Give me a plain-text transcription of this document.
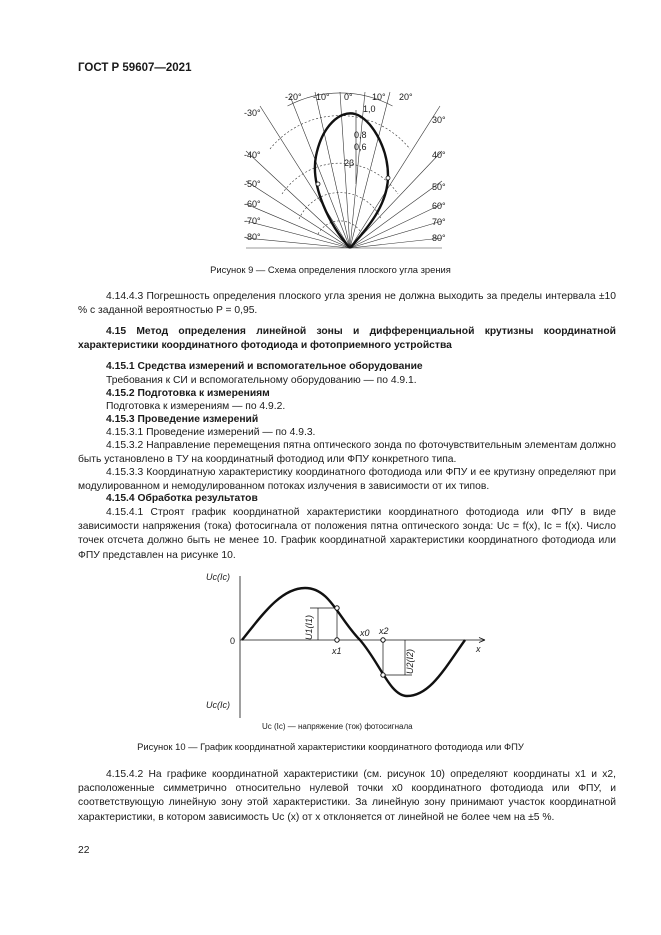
ГОСТ Р 59607—2021
-20° -10° 0° 10° 20°
-30°
-40°
-50°
-60°
-70°
-80°
30°
40°
50°
60°
70°
80°
1,0
0,8
0,6
2β
Рисунок 9 — Схема определения плоского угла зрения
4.14.4.3 Погрешность определения плоского угла зрения не должна выходить за пределы интервала ±10 % с заданной вероятностью P = 0,95.
4.15 Метод определения линейной зоны и дифференциальной крутизны координатной характеристики координатного фотодиода и фотоприемного устройства
4.15.1 Средства измерений и вспомогательное оборудование
Требования к СИ и вспомогательному оборудованию — по 4.9.1.
4.15.2 Подготовка к измерениям
Подготовка к измерениям — по 4.9.2.
4.15.3 Проведение измерений
4.15.3.1 Проведение измерений — по 4.9.3.
4.15.3.2 Направление перемещения пятна оптического зонда по фоточувствительным элементам должно быть установлено в ТУ на координатный фотодиод или ФПУ конкретного типа.
4.15.3.3 Координатную характеристику координатного фотодиода или ФПУ и ее крутизну определяют при модулированном и немодулированном потоках излучения в зависимости от их типов.
4.15.4 Обработка результатов
4.15.4.1 Строят график координатной характеристики координатного фотодиода или ФПУ в виде зависимости напряжения (тока) фотосигнала от положения пятна оптического зонда: Uc = f(x), Ic = f(x). Число точек отсчета должно быть не менее 10. График координатной характеристики координатного фотодиода или ФПУ представлен на рисунке 10.
Uс(Iс)
Uс(Iс)
0
x
x0
x1
x2
U1(I1)
U2(I2)
Uс (Iс) — напряжение (ток) фотосигнала
Рисунок 10 — График координатной характеристики координатного фотодиода или ФПУ
4.15.4.2 На графике координатной характеристики (см. рисунок 10) определяют координаты x1 и x2, расположенные симметрично относительно нулевой точки x0 координатного фотодиода или ФПУ, и соответствующую линейную зону этой характеристики. За линейную зону принимают участок координатной характеристики, в котором зависимость Uc (x) от x отклоняется от линейной не более чем на ±5 %.
22
